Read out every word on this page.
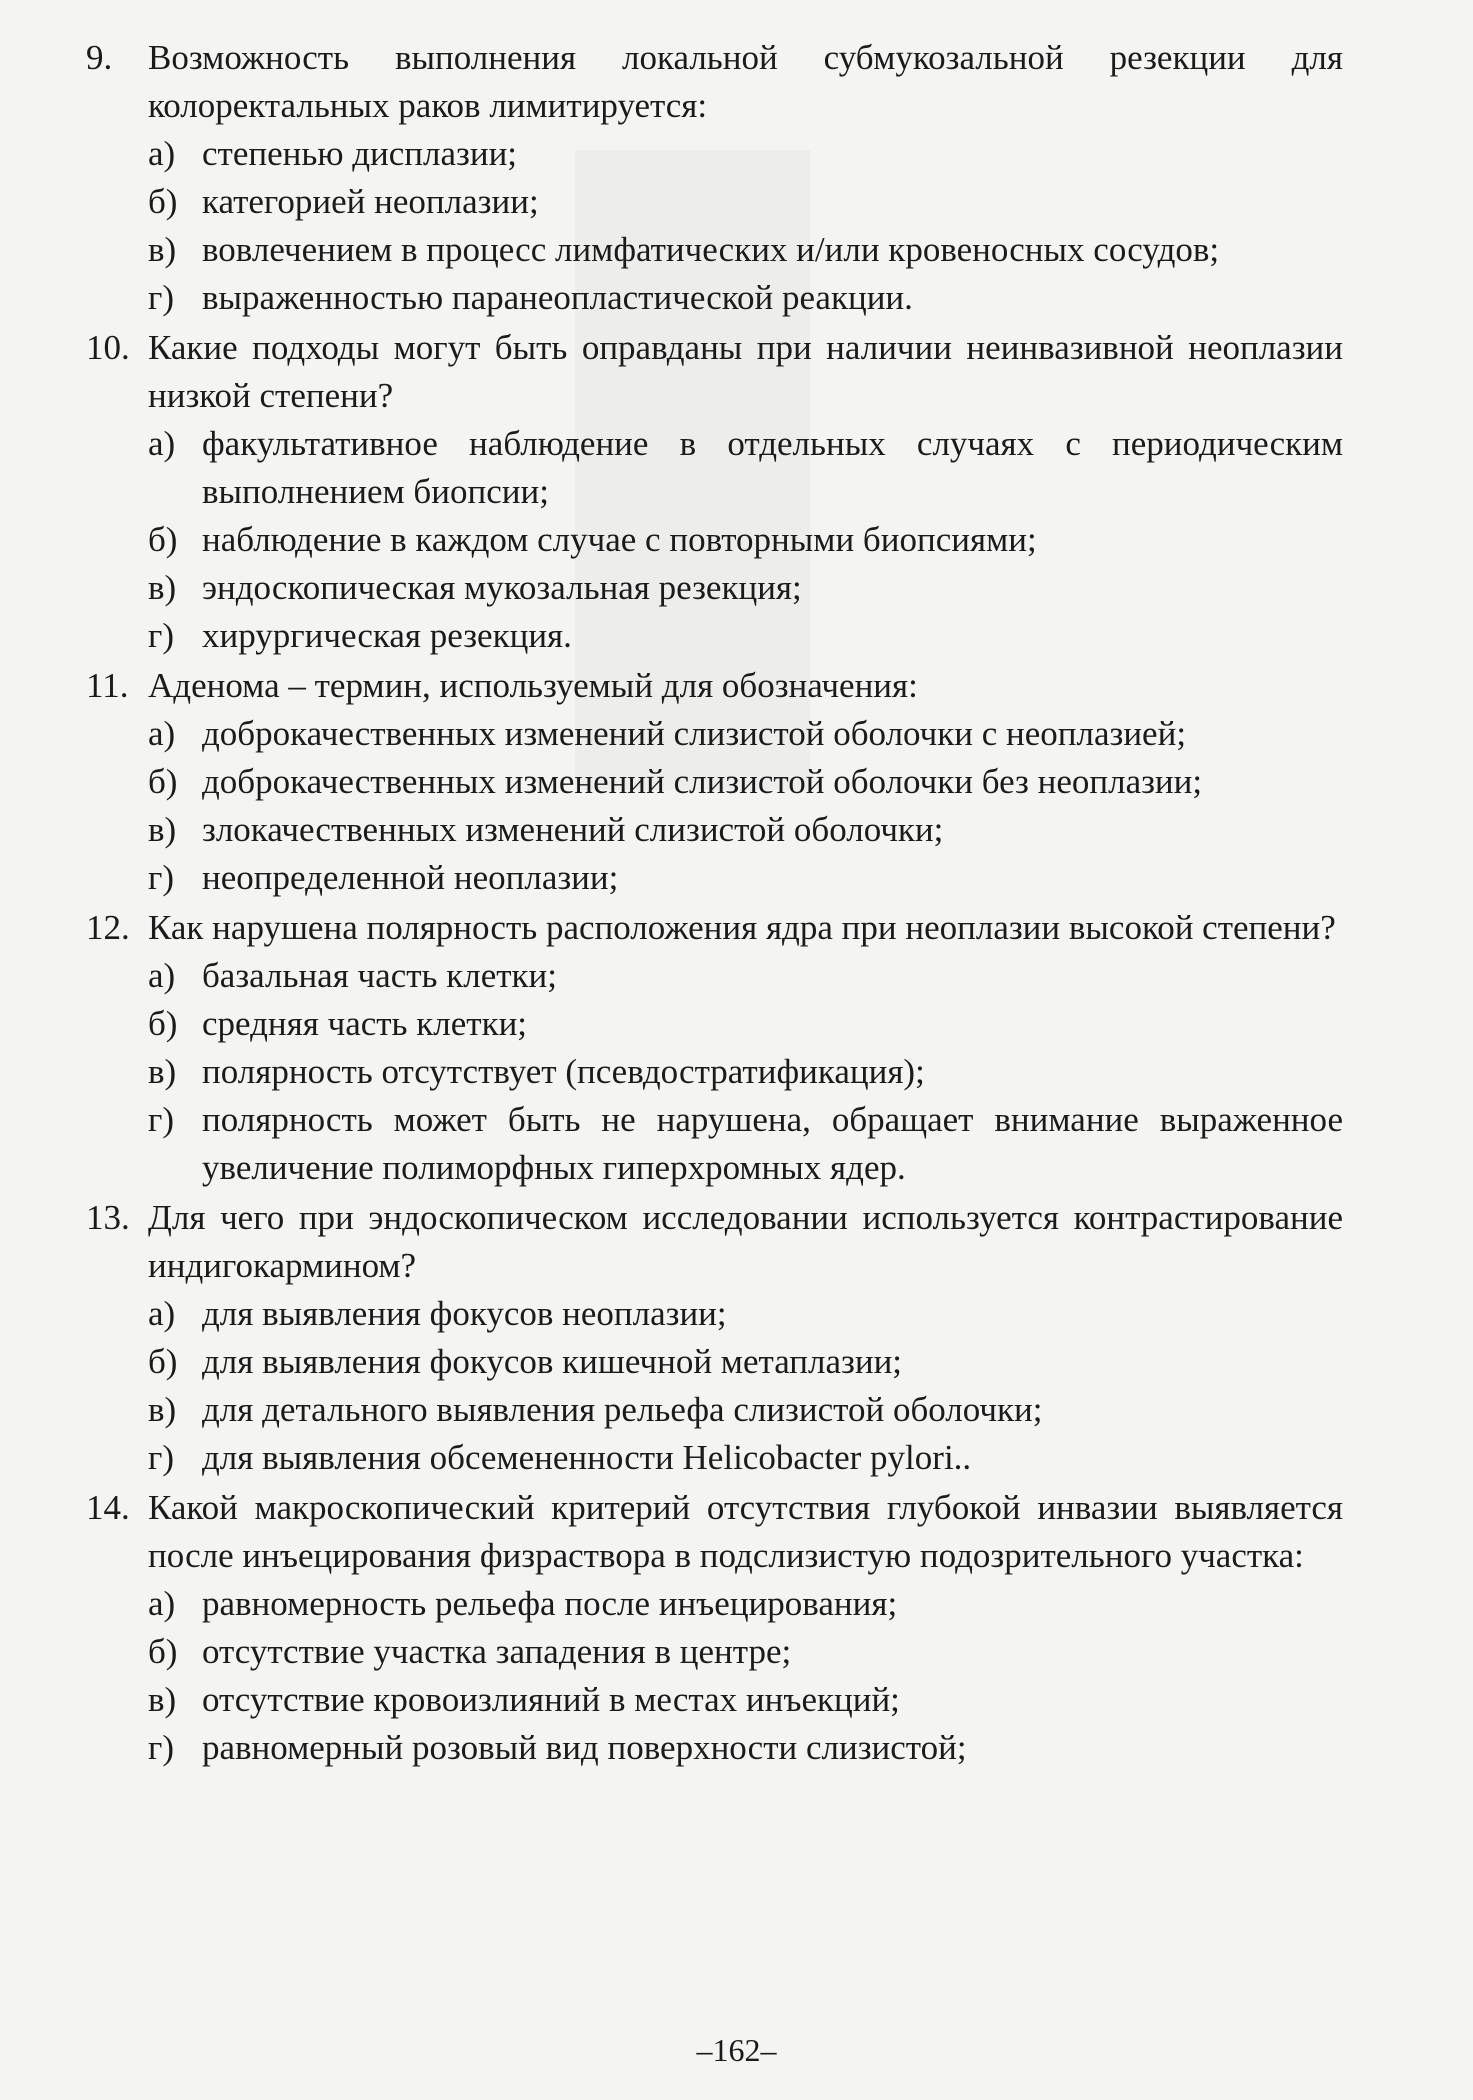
9.	Возможность выполнения локальной субмукозальной резекции для колоректальных раков лимитируется:
а) степенью дисплазии;
б) категорией неоплазии;
в) вовлечением в процесс лимфатических и/или кровеносных сосудов;
г) выраженностью паранеопластической реакции.
10. Какие подходы могут быть оправданы при наличии неинвазивной неоплазии низкой степени?
а) факультативное наблюдение в отдельных случаях с периодическим выполнением биопсии;
б) наблюдение в каждом случае с повторными биопсиями;
в) эндоскопическая мукозальная резекция;
г) хирургическая резекция.
11. Аденома – термин, используемый для обозначения:
а) доброкачественных изменений слизистой оболочки с неоплазией;
б) доброкачественных изменений слизистой оболочки без неоплазии;
в) злокачественных изменений слизистой оболочки;
г) неопределенной неоплазии;
12. Как нарушена полярность расположения ядра при неоплазии высокой степени?
а) базальная часть клетки;
б) средняя часть клетки;
в) полярность отсутствует (псевдостратификация);
г) полярность может быть не нарушена, обращает внимание выраженное увеличение полиморфных гиперхромных ядер.
13. Для чего при эндоскопическом исследовании используется контрастирование индигокармином?
а) для выявления фокусов неоплазии;
б) для выявления фокусов кишечной метаплазии;
в) для детального выявления рельефа слизистой оболочки;
г) для выявления обсемененности Helicobacter pylori..
14. Какой макроскопический критерий отсутствия глубокой инвазии выявляется после инъецирования физраствора в подслизистую подозрительного участка:
а) равномерность рельефа после инъецирования;
б) отсутствие участка западения в центре;
в) отсутствие кровоизлияний в местах инъекций;
г) равномерный розовый вид поверхности слизистой;
–162–
